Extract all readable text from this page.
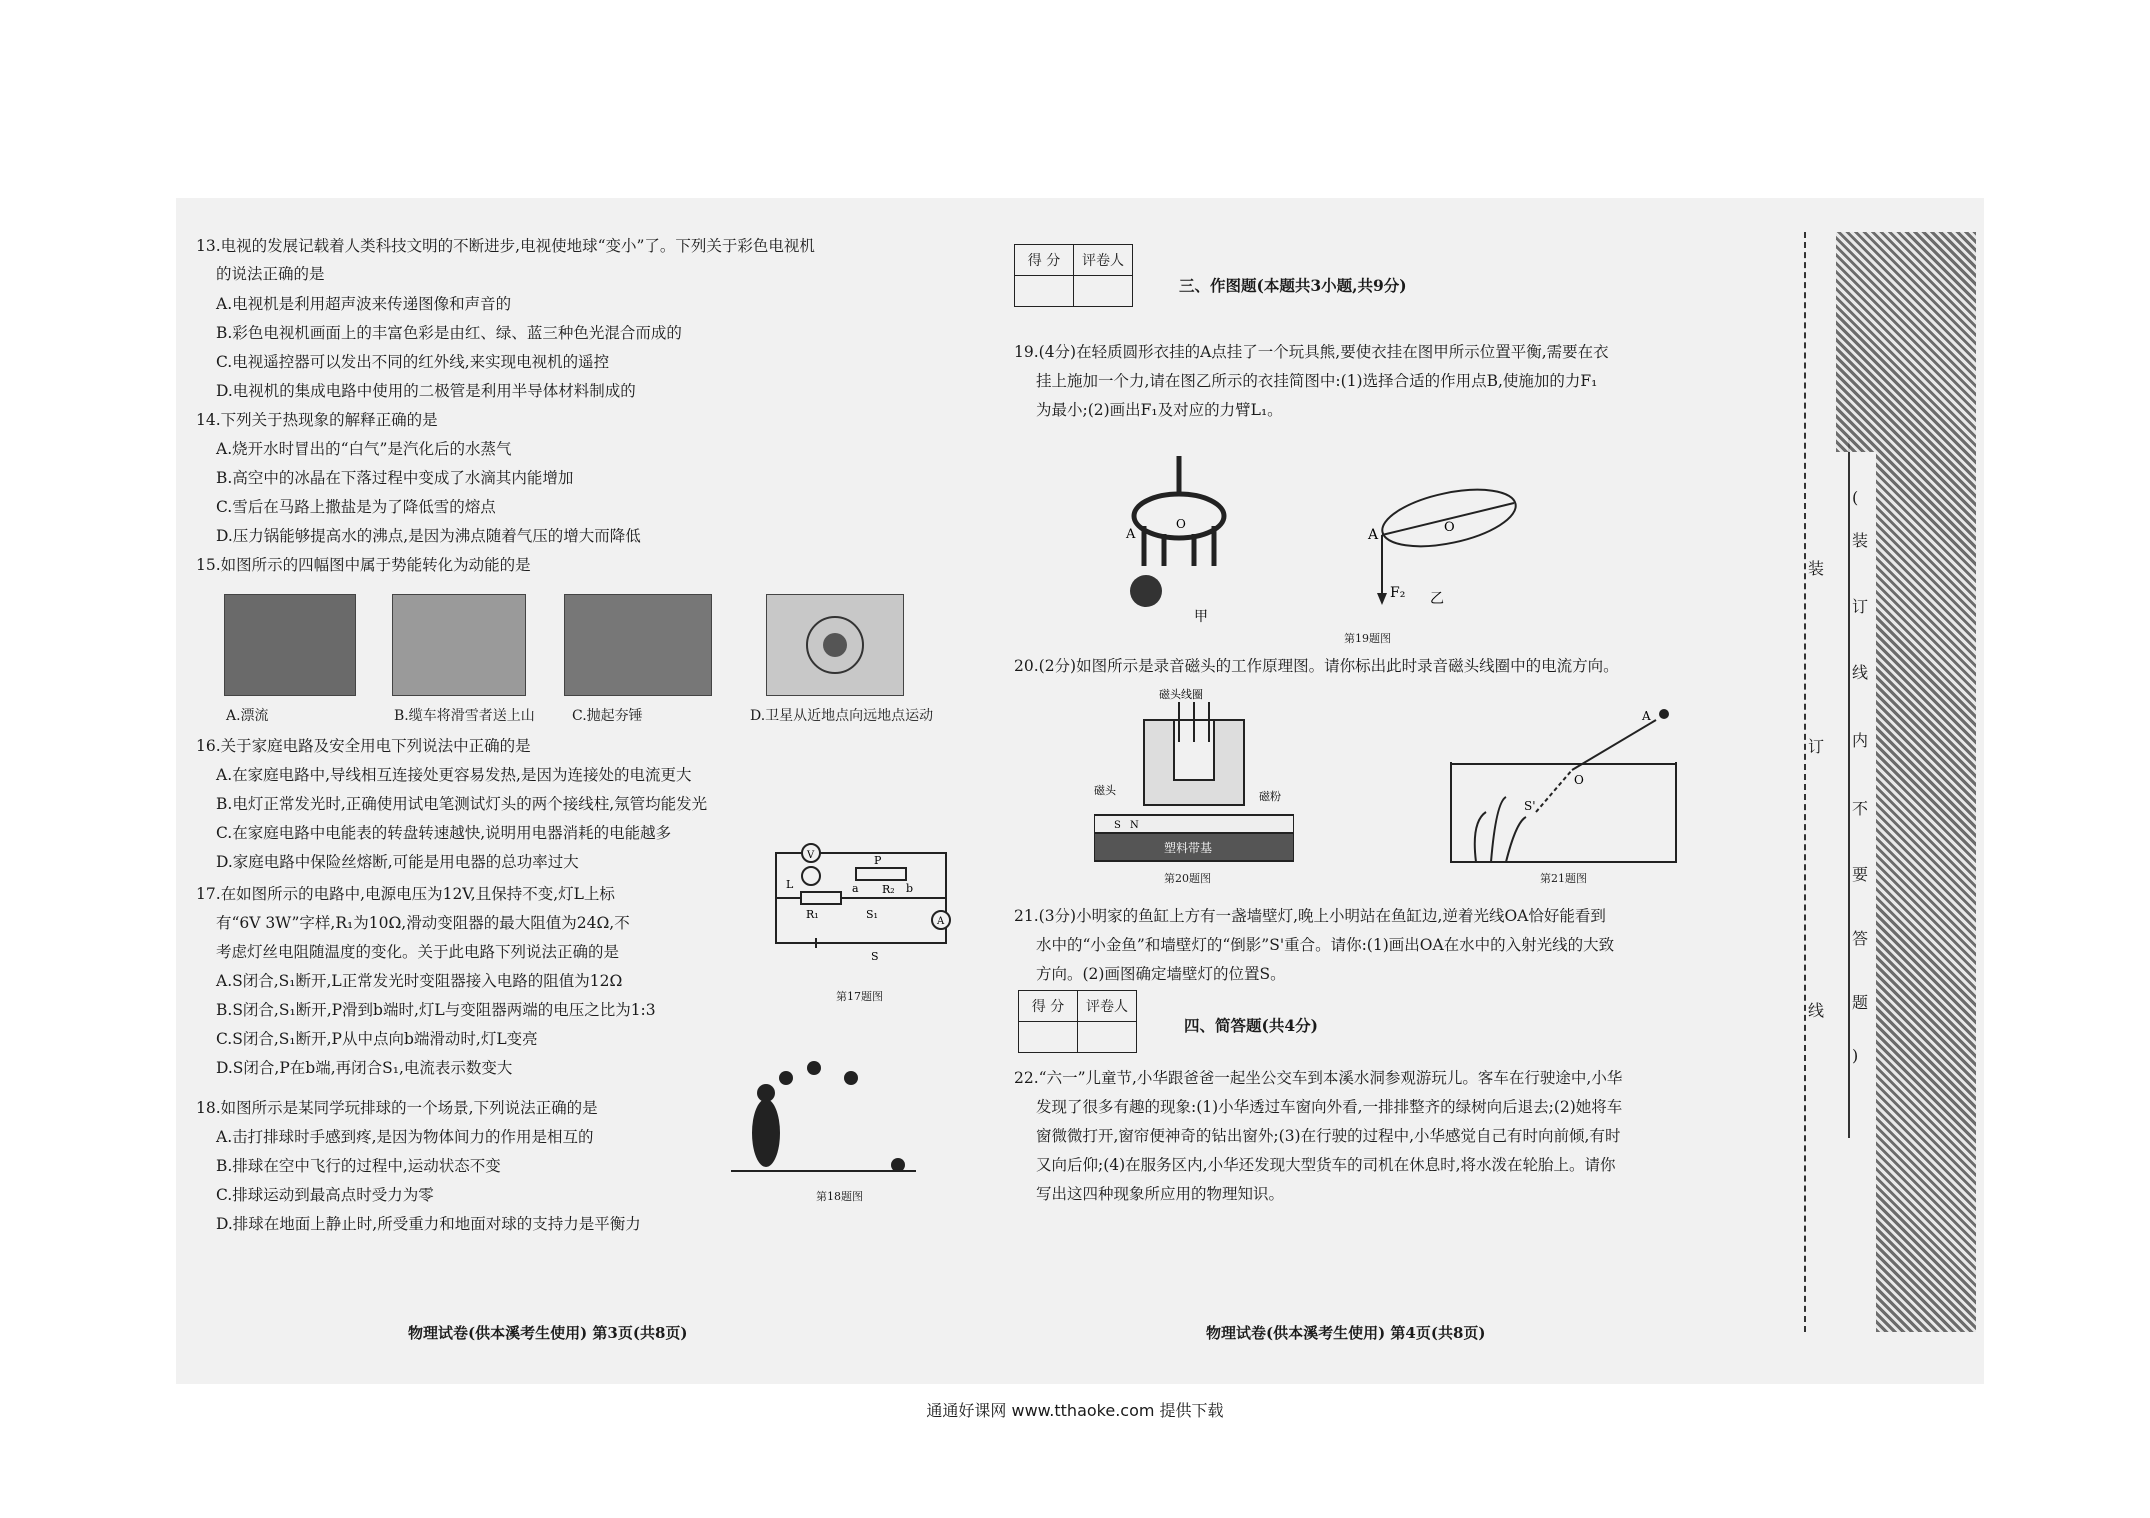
13.电视的发展记载着人类科技文明的不断进步,电视使地球“变小”了。下列关于彩色电视机
的说法正确的是
A.电视机是利用超声波来传递图像和声音的
B.彩色电视机画面上的丰富色彩是由红、绿、蓝三种色光混合而成的
C.电视遥控器可以发出不同的红外线,来实现电视机的遥控
D.电视机的集成电路中使用的二极管是利用半导体材料制成的
14.下列关于热现象的解释正确的是
A.烧开水时冒出的“白气”是汽化后的水蒸气
B.高空中的冰晶在下落过程中变成了水滴其内能增加
C.雪后在马路上撒盐是为了降低雪的熔点
D.压力锅能够提高水的沸点,是因为沸点随着气压的增大而降低
15.如图所示的四幅图中属于势能转化为动能的是
A.漂流	B.缆车将滑雪者送上山	C.抛起夯锤	D.卫星从近地点向远地点运动
16.关于家庭电路及安全用电下列说法中正确的是
A.在家庭电路中,导线相互连接处更容易发热,是因为连接处的电流更大
B.电灯正常发光时,正确使用试电笔测试灯头的两个接线柱,氖管均能发光
C.在家庭电路中电能表的转盘转速越快,说明用电器消耗的电能越多
D.家庭电路中保险丝熔断,可能是用电器的总功率过大
17.在如图所示的电路中,电源电压为12V,且保持不变,灯L上标
有“6V 3W”字样,R₁为10Ω,滑动变阻器的最大阻值为24Ω,不
考虑灯丝电阻随温度的变化。关于此电路下列说法正确的是
A.S闭合,S₁断开,L正常发光时变阻器接入电路的阻值为12Ω
B.S闭合,S₁断开,P滑到b端时,灯L与变阻器两端的电压之比为1:3
C.S闭合,S₁断开,P从中点向b端滑动时,灯L变亮
D.S闭合,P在b端,再闭合S₁,电流表示数变大
V
L
P
a	b
R₂
R₁	S₁
S
A
第17题图
18.如图所示是某同学玩排球的一个场景,下列说法正确的是
A.击打排球时手感到疼,是因为物体间力的作用是相互的
B.排球在空中飞行的过程中,运动状态不变
C.排球运动到最高点时受力为零
D.排球在地面上静止时,所受重力和地面对球的支持力是平衡力
第18题图
物理试卷(供本溪考生使用) 第3页(共8页)
得 分	评卷人

三、作图题(本题共3小题,共9分)
19.(4分)在轻质圆形衣挂的A点挂了一个玩具熊,要使衣挂在图甲所示位置平衡,需要在衣
挂上施加一个力,请在图乙所示的衣挂简图中:(1)选择合适的作用点B,使施加的力F₁
为最小;(2)画出F₁及对应的力臂L₁。
A
O
甲
A	O
F₂ 乙
第19题图
20.(2分)如图所示是录音磁头的工作原理图。请你标出此时录音磁头线圈中的电流方向。
磁头线圈
磁头	磁粉
S N
塑料带基
第20题图
A
O
S'
第21题图
21.(3分)小明家的鱼缸上方有一盏墙壁灯,晚上小明站在鱼缸边,逆着光线OA恰好能看到
水中的“小金鱼”和墙壁灯的“倒影”S'重合。请你:(1)画出OA在水中的入射光线的大致
方向。(2)画图确定墙壁灯的位置S。
得 分	评卷人

四、简答题(共4分)
22.“六一”儿童节,小华跟爸爸一起坐公交车到本溪水洞参观游玩儿。客车在行驶途中,小华
发现了很多有趣的现象:(1)小华透过车窗向外看,一排排整齐的绿树向后退去;(2)她将车
窗微微打开,窗帘便神奇的钻出窗外;(3)在行驶的过程中,小华感觉自己有时向前倾,有时
又向后仰;(4)在服务区内,小华还发现大型货车的司机在休息时,将水泼在轮胎上。请你
写出这四种现象所应用的物理知识。
物理试卷(供本溪考生使用) 第4页(共8页)
装
订
线
(
装
订
线
内
不
要
答
题
)
通通好课网 www.tthaoke.com 提供下载
